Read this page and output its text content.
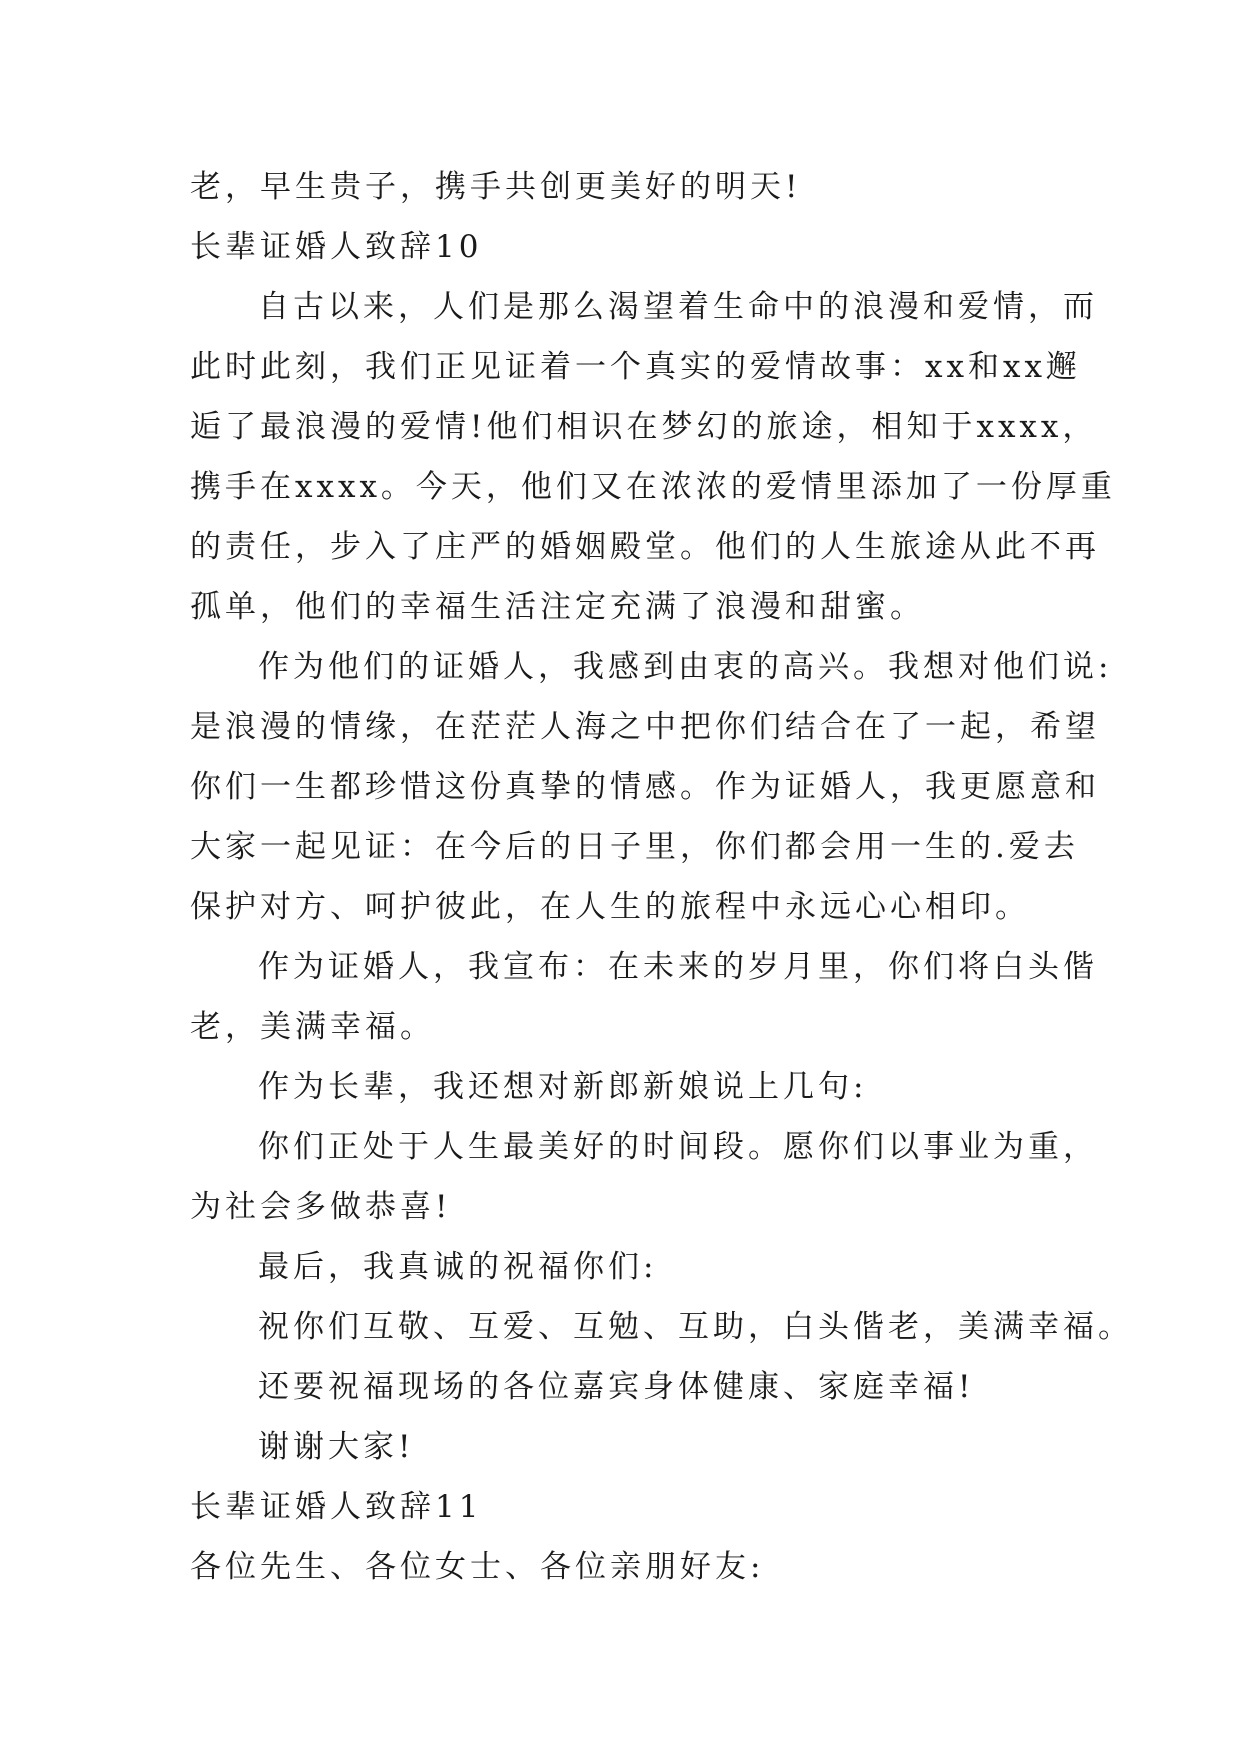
老，早生贵子，携手共创更美好的明天!
长辈证婚人致辞10
自古以来，人们是那么渴望着生命中的浪漫和爱情，而
此时此刻，我们正见证着一个真实的爱情故事：xx和xx邂
逅了最浪漫的爱情!他们相识在梦幻的旅途，相知于xxxx，
携手在xxxx。今天，他们又在浓浓的爱情里添加了一份厚重
的责任，步入了庄严的婚姻殿堂。他们的人生旅途从此不再
孤单，他们的幸福生活注定充满了浪漫和甜蜜。
作为他们的证婚人，我感到由衷的高兴。我想对他们说:
是浪漫的情缘，在茫茫人海之中把你们结合在了一起，希望
你们一生都珍惜这份真挚的情感。作为证婚人，我更愿意和
大家一起见证：在今后的日子里，你们都会用一生的.爱去
保护对方、呵护彼此，在人生的旅程中永远心心相印。
作为证婚人，我宣布：在未来的岁月里，你们将白头偕
老，美满幸福。
作为长辈，我还想对新郎新娘说上几句:
你们正处于人生最美好的时间段。愿你们以事业为重，
为社会多做恭喜!
最后，我真诚的祝福你们:
祝你们互敬、互爱、互勉、互助，白头偕老，美满幸福。
还要祝福现场的各位嘉宾身体健康、家庭幸福!
谢谢大家!
长辈证婚人致辞11
各位先生、各位女士、各位亲朋好友:
